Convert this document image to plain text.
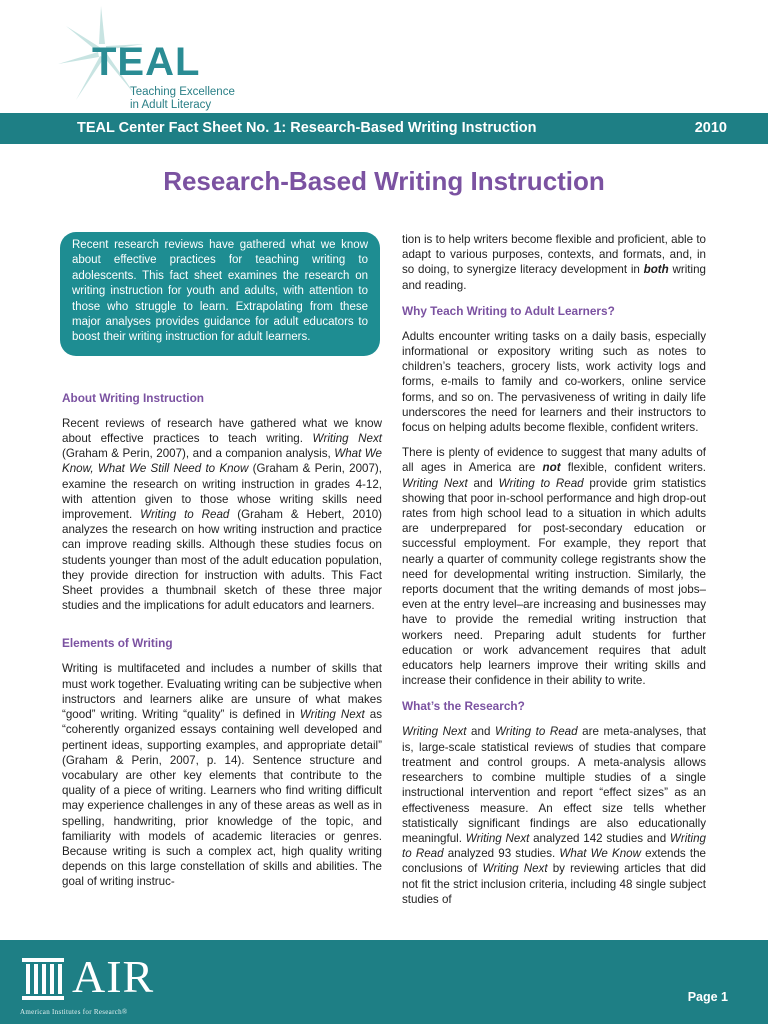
TEAL
Teaching Excellence
in Adult Literacy
TEAL Center Fact Sheet No. 1: Research-Based Writing Instruction	2010
Research-Based Writing Instruction
Recent research reviews have gathered what we know about effective practices for teaching writing to adolescents. This fact sheet examines the research on writing instruction for youth and adults, with attention to those who struggle to learn. Extrapolating from these major analyses provides guidance for adult educators to boost their writing instruction for adult learners.
About Writing Instruction

Recent reviews of research have gathered what we know about effective practices to teach writing. Writing Next (Graham & Perin, 2007), and a companion analysis, What We Know, What We Still Need to Know (Graham & Perin, 2007), examine the research on writing instruction in grades 4-12, with attention given to those whose writing skills need improvement. Writing to Read (Graham & Hebert, 2010) analyzes the research on how writing instruction and practice can improve reading skills. Although these studies focus on students younger than most of the adult education population, they provide direction for instruction with adults. This Fact Sheet provides a thumbnail sketch of these three major studies and the implications for adult educators and learners.

Elements of Writing

Writing is multifaceted and includes a number of skills that must work together. Evaluating writing can be subjective when instructors and learners alike are unsure of what makes “good” writing. Writing “quality” is defined in Writing Next as “coherently organized essays containing well developed and pertinent ideas, supporting examples, and appropriate detail” (Graham & Perin, 2007, p. 14). Sentence structure and vocabulary are other key elements that contribute to the quality of a piece of writing. Learners who find writing difficult may experience challenges in any of these areas as well as in spelling, handwriting, prior knowledge of the topic, and familiarity with models of academic literacies or genres. Because writing is such a complex act, high quality writing depends on this large constellation of skills and abilities. The goal of writing instruc-

tion is to help writers become flexible and proficient, able to adapt to various purposes, contexts, and formats, and, in so doing, to synergize literacy development in both writing and reading.

Why Teach Writing to Adult Learners?

Adults encounter writing tasks on a daily basis, especially informational or expository writing such as notes to children’s teachers, grocery lists, work activity logs and forms, e-mails to family and co-workers, online service forms, and so on. The pervasiveness of writing in daily life underscores the need for learners and their instructors to focus on helping adults become flexible, confident writers.

There is plenty of evidence to suggest that many adults of all ages in America are not flexible, confident writers. Writing Next and Writing to Read provide grim statistics showing that poor in-school performance and high drop-out rates from high school lead to a situation in which adults are underprepared for post-secondary education or successful employment. For example, they report that nearly a quarter of community college registrants show the need for developmental writing instruction. Similarly, the reports document that the writing demands of most jobs–even at the entry level–are increasing and businesses may have to provide the remedial writing instruction that workers need. Preparing adult students for further education or work advancement requires that adult educators help learners improve their writing skills and increase their confidence in their ability to write.

What’s the Research?

Writing Next and Writing to Read are meta-analyses, that is, large-scale statistical reviews of studies that compare treatment and control groups. A meta-analysis allows researchers to combine multiple studies of a single instructional intervention and report “effect sizes” as an effectiveness measure. An effect size tells whether statistically significant findings are also educationally meaningful. Writing Next analyzed 142 studies and Writing to Read analyzed 93 studies. What We Know extends the conclusions of Writing Next by reviewing articles that did not fit the strict inclusion criteria, including 48 single subject studies of

AIR
American Institutes for Research®
Page 1
